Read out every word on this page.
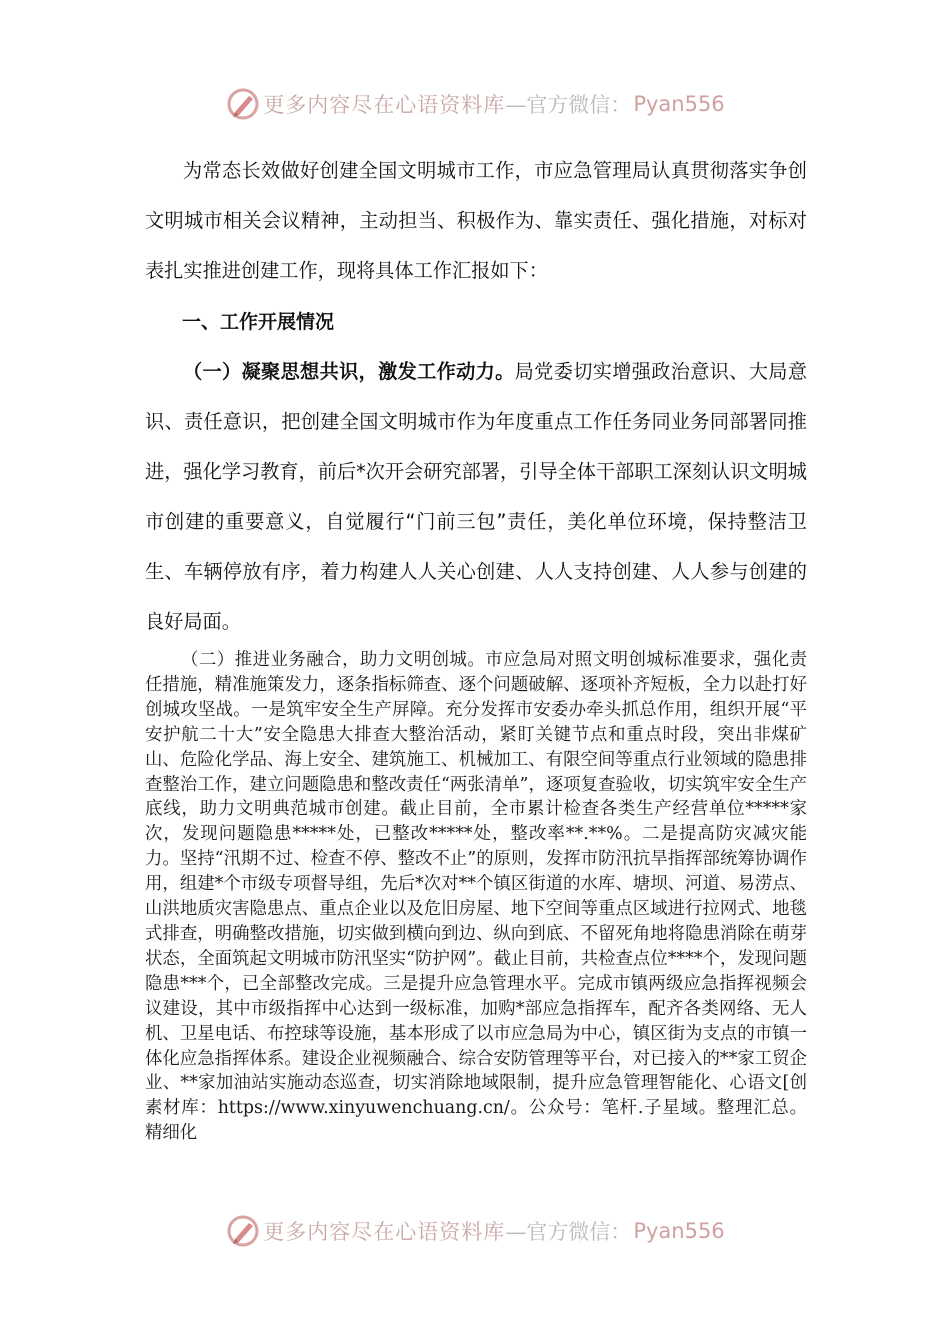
更多内容尽在心语资料库 —官方微信： Pyan556

为常态长效做好创建全国文明城市工作，市应急管理局认真贯彻落实争创文明城市相关会议精神，主动担当、积极作为、靠实责任、强化措施，对标对表扎实推进创建工作，现将具体工作汇报如下：

一、工作开展情况

（一）凝聚思想共识，激发工作动力。局党委切实增强政治意识、大局意识、责任意识，把创建全国文明城市作为年度重点工作任务同业务同部署同推进，强化学习教育，前后*次开会研究部署，引导全体干部职工深刻认识文明城市创建的重要意义，自觉履行“门前三包”责任，美化单位环境，保持整洁卫生、车辆停放有序，着力构建人人关心创建、人人支持创建、人人参与创建的良好局面。

（二）推进业务融合，助力文明创城。市应急局对照文明创城标准要求，强化责任措施，精准施策发力，逐条指标筛查、逐个问题破解、逐项补齐短板，全力以赴打好创城攻坚战。一是筑牢安全生产屏障。充分发挥市安委办牵头抓总作用，组织开展“平安护航二十大”安全隐患大排查大整治活动，紧盯关键节点和重点时段，突出非煤矿山、危险化学品、海上安全、建筑施工、机械加工、有限空间等重点行业领域的隐患排查整治工作，建立问题隐患和整改责任“两张清单”，逐项复查验收，切实筑牢安全生产底线，助力文明典范城市创建。截止目前，全市累计检查各类生产经营单位*****家次，发现问题隐患*****处，已整改*****处，整改率**.**%。二是提高防灾减灾能力。坚持“汛期不过、检查不停、整改不止”的原则，发挥市防汛抗旱指挥部统筹协调作用，组建*个市级专项督导组，先后*次对**个镇区街道的水库、塘坝、河道、易涝点、山洪地质灾害隐患点、重点企业以及危旧房屋、地下空间等重点区域进行拉网式、地毯式排查，明确整改措施，切实做到横向到边、纵向到底、不留死角地将隐患消除在萌芽状态，全面筑起文明城市防汛坚实“防护网”。截止目前，共检查点位****个，发现问题隐患***个，已全部整改完成。三是提升应急管理水平。完成市镇两级应急指挥视频会议建设，其中市级指挥中心达到一级标准，加购*部应急指挥车，配齐各类网络、无人机、卫星电话、布控球等设施，基本形成了以市应急局为中心，镇区街为支点的市镇一体化应急指挥体系。建设企业视频融合、综合安防管理等平台，对已接入的**家工贸企业、**家加油站实施动态巡查，切实消除地域限制，提升应急管理智能化、心语文[创素材库：https://www.xinyuwenchuang.cn/。公众号：笔杆.子星域。整理汇总。精细化

更多内容尽在心语资料库 —官方微信： Pyan556
